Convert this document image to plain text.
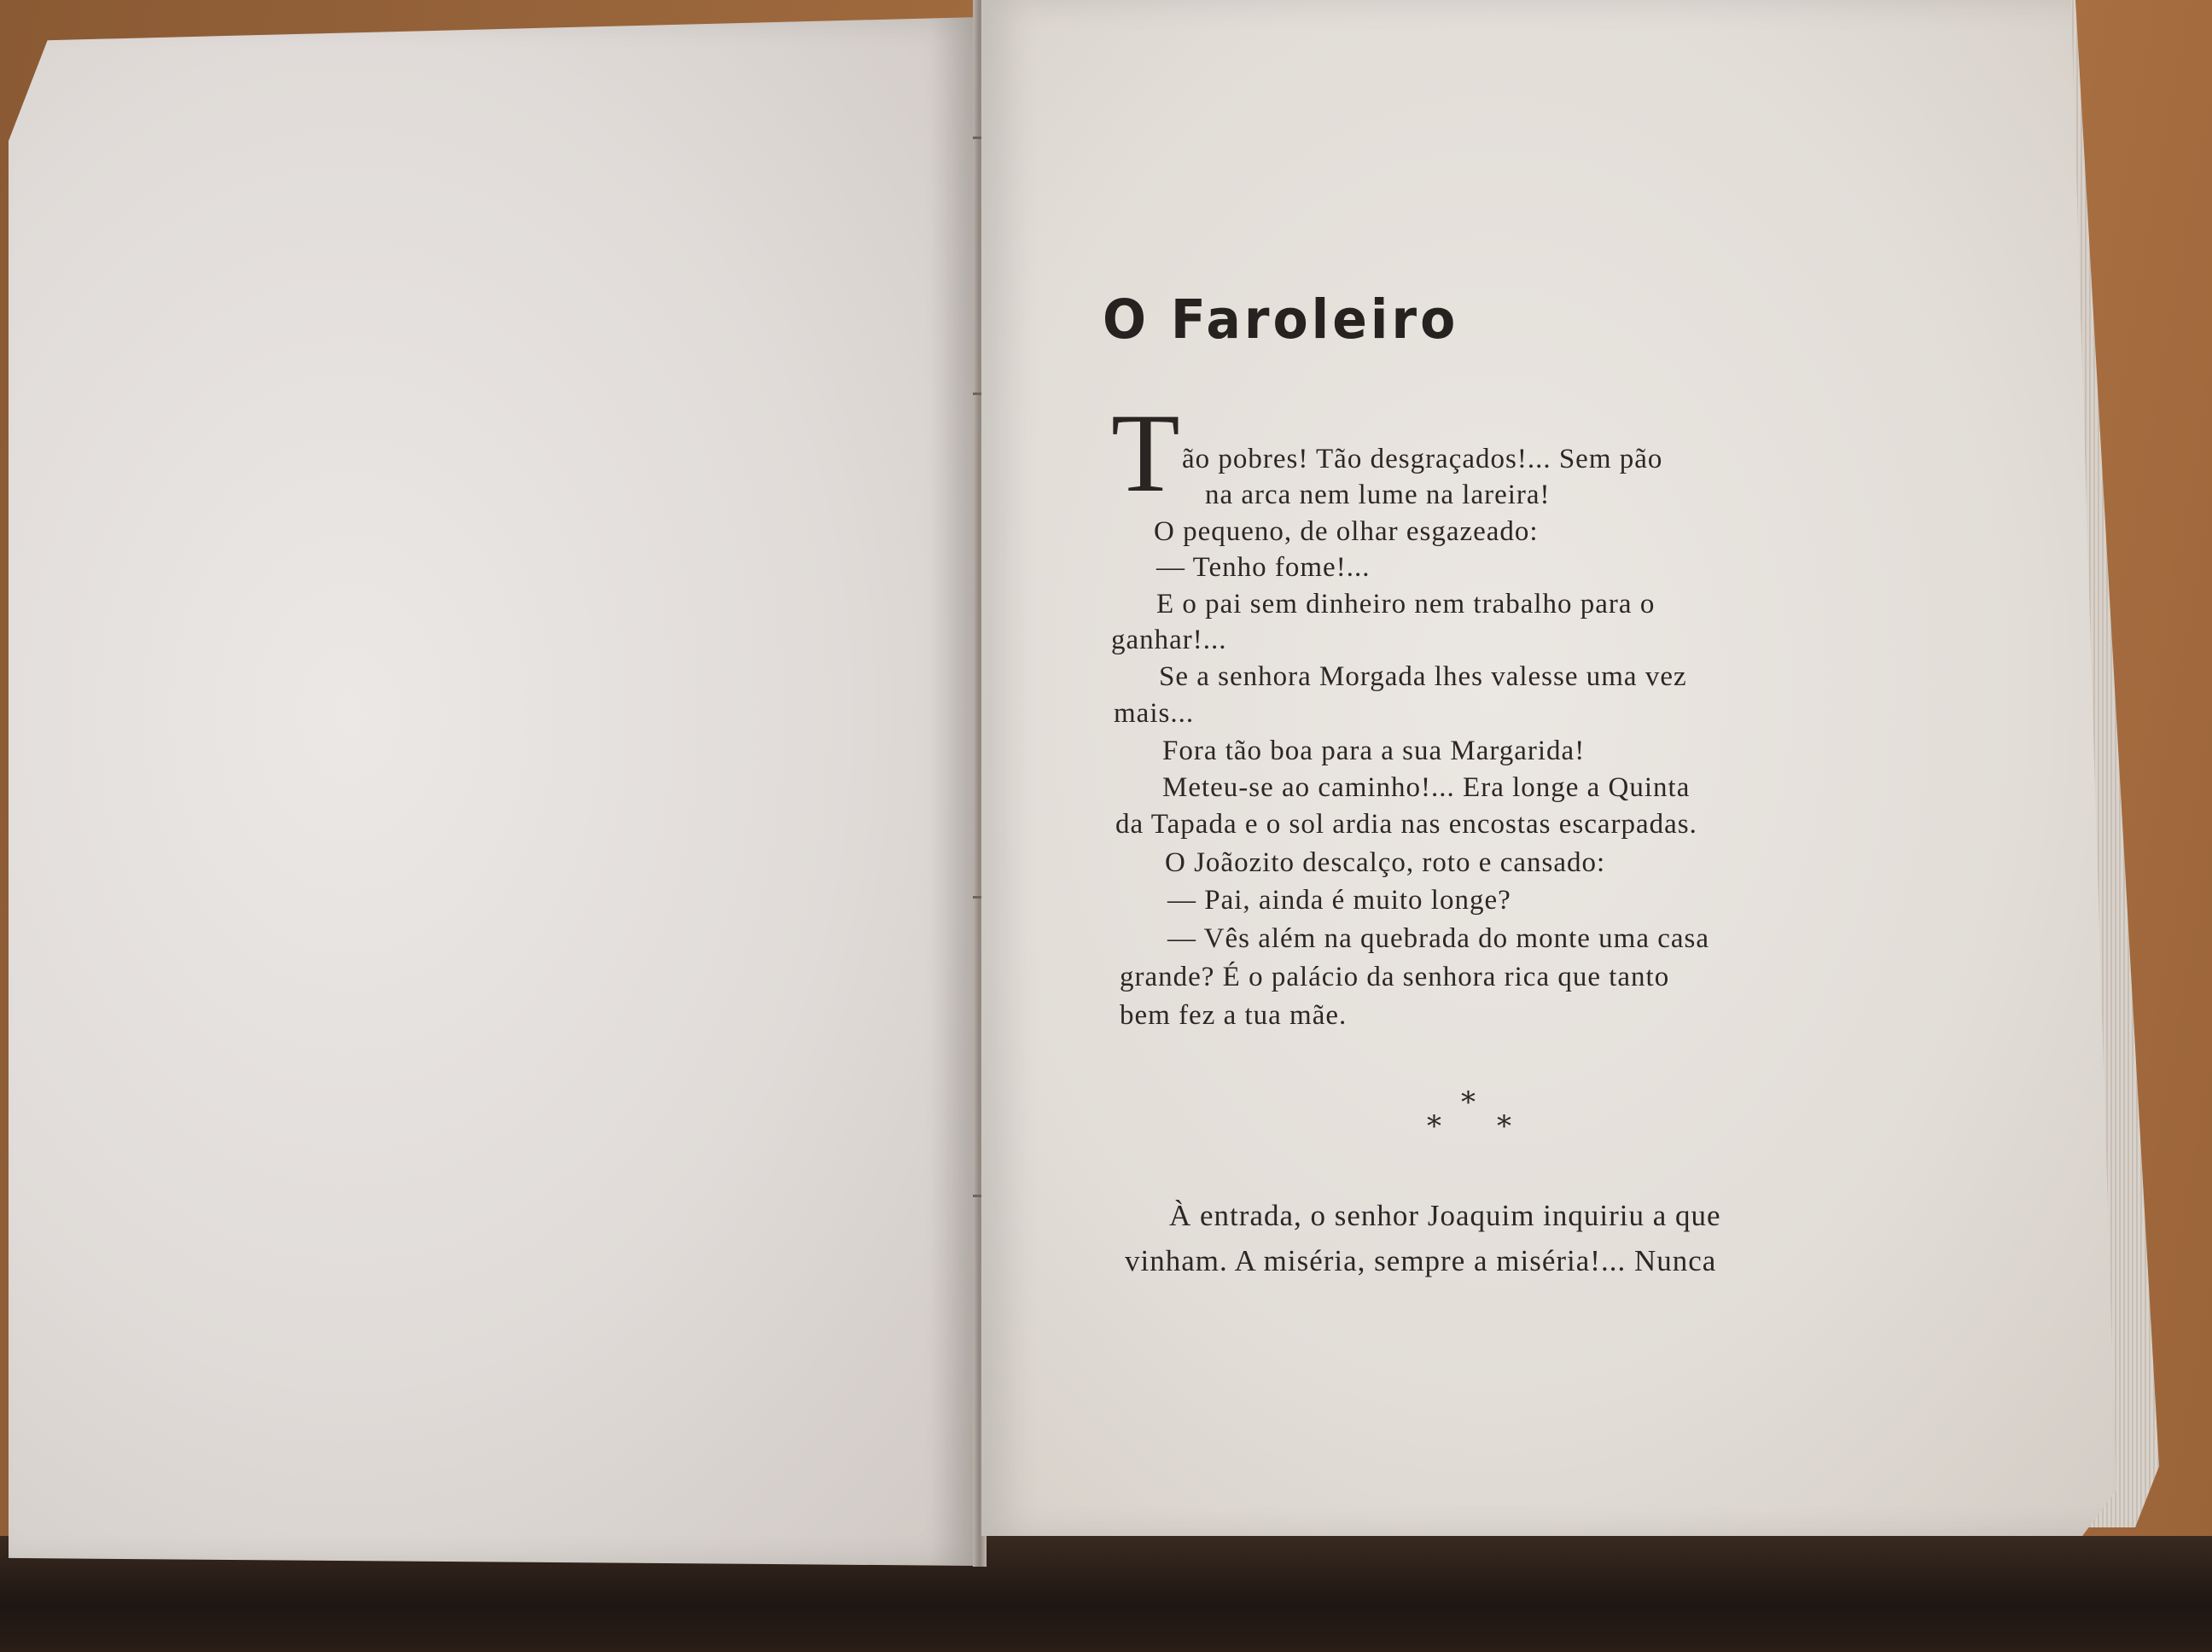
O Faroleiro
T ão pobres! Tão desgraçados!... Sem pão
na arca nem lume na lareira!
O pequeno, de olhar esgazeado:
— Tenho fome!...
E o pai sem dinheiro nem trabalho para o
ganhar!...
Se a senhora Morgada lhes valesse uma vez
mais...
Fora tão boa para a sua Margarida!
Meteu-se ao caminho!... Era longe a Quinta
da Tapada e o sol ardia nas encostas escarpadas.
O Joãozito descalço, roto e cansado:
— Pai, ainda é muito longe?
— Vês além na quebrada do monte uma casa
grande? É o palácio da senhora rica que tanto
bem fez a tua mãe.
*
*
*
À entrada, o senhor Joaquim inquiriu a que
vinham. A miséria, sempre a miséria!... Nunca
